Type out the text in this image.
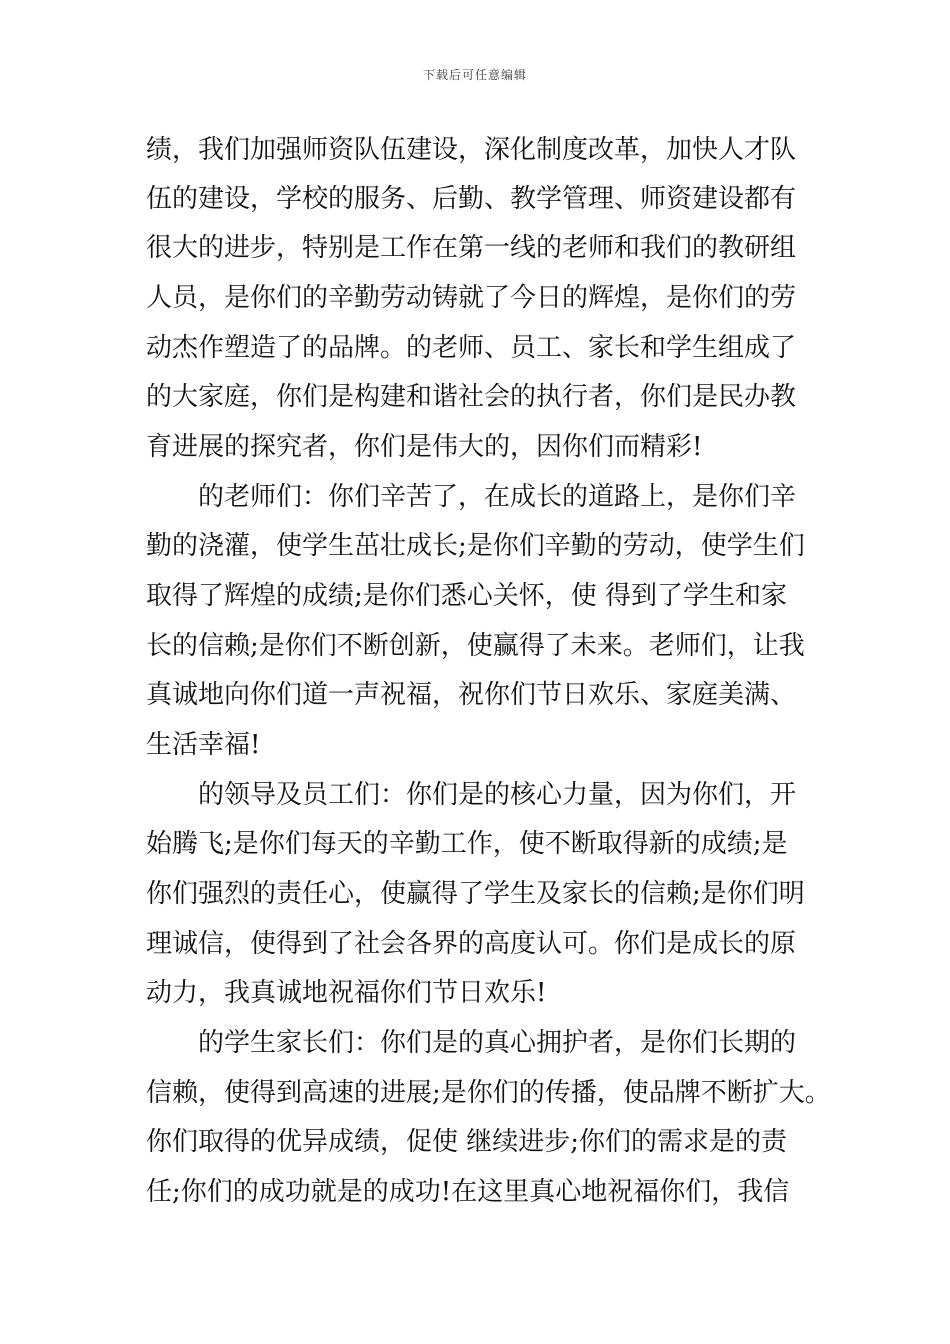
下载后可任意编辑
绩，我们加强师资队伍建设，深化制度改革，加快人才队
伍的建设，学校的服务、后勤、教学管理、师资建设都有
很大的进步，特别是工作在第一线的老师和我们的教研组
人员，是你们的辛勤劳动铸就了今日的辉煌，是你们的劳
动杰作塑造了的品牌。的老师、员工、家长和学生组成了
的大家庭，你们是构建和谐社会的执行者，你们是民办教
育进展的探究者，你们是伟大的，因你们而精彩!
的老师们：你们辛苦了，在成长的道路上，是你们辛
勤的浇灌，使学生茁壮成长;是你们辛勤的劳动，使学生们
取得了辉煌的成绩;是你们悉心关怀，使 得到了学生和家
长的信赖;是你们不断创新，使赢得了未来。老师们，让我
真诚地向你们道一声祝福，祝你们节日欢乐、家庭美满、
生活幸福!
的领导及员工们：你们是的核心力量，因为你们，开
始腾飞;是你们每天的辛勤工作，使不断取得新的成绩;是
你们强烈的责任心，使赢得了学生及家长的信赖;是你们明
理诚信，使得到了社会各界的高度认可。你们是成长的原
动力，我真诚地祝福你们节日欢乐!
的学生家长们：你们是的真心拥护者，是你们长期的
信赖，使得到高速的进展;是你们的传播，使品牌不断扩大。
你们取得的优异成绩，促使 继续进步;你们的需求是的责
任;你们的成功就是的成功!在这里真心地祝福你们，我信
